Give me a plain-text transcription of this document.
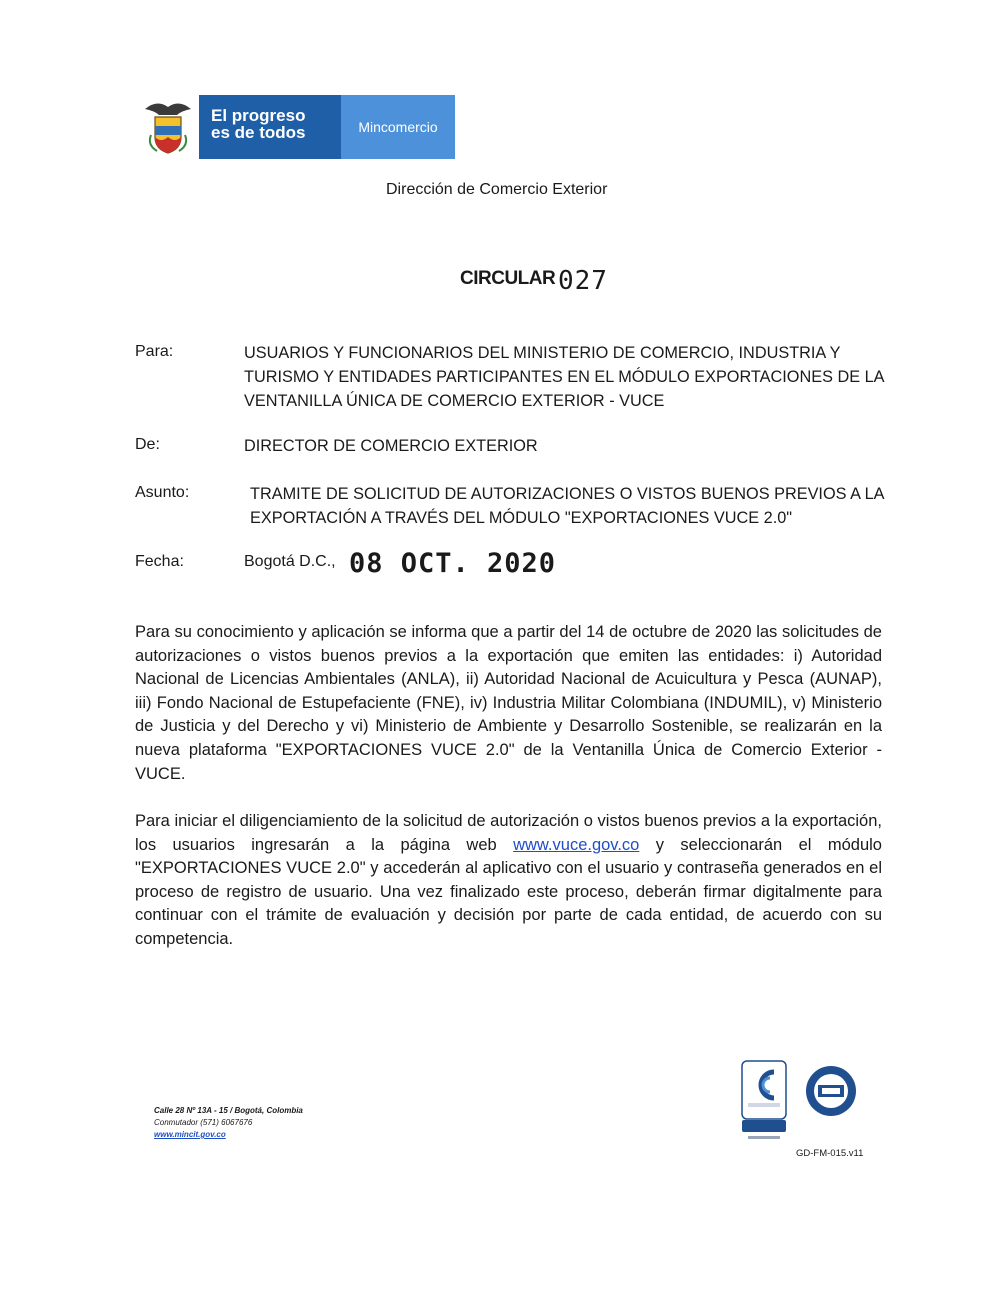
El progreso
es de todos	Mincomercio
Dirección de Comercio Exterior
CIRCULAR 027
Para:	USUARIOS Y FUNCIONARIOS DEL MINISTERIO DE COMERCIO, INDUSTRIA Y TURISMO Y ENTIDADES PARTICIPANTES EN EL MÓDULO EXPORTACIONES DE LA VENTANILLA ÚNICA DE COMERCIO EXTERIOR - VUCE
De:	DIRECTOR DE COMERCIO EXTERIOR
Asunto:	TRAMITE DE SOLICITUD DE AUTORIZACIONES O VISTOS BUENOS PREVIOS A LA EXPORTACIÓN A TRAVÉS DEL MÓDULO "EXPORTACIONES VUCE 2.0"
Fecha:	Bogotá D.C., 08 OCT. 2020
Para su conocimiento y aplicación se informa que a partir del 14 de octubre de 2020 las solicitudes de autorizaciones o vistos buenos previos a la exportación que emiten las entidades: i) Autoridad Nacional de Licencias Ambientales (ANLA), ii) Autoridad Nacional de Acuicultura y Pesca (AUNAP), iii) Fondo Nacional de Estupefaciente (FNE), iv) Industria Militar Colombiana (INDUMIL), v) Ministerio de Justicia y del Derecho y vi) Ministerio de Ambiente y Desarrollo Sostenible, se realizarán en la nueva plataforma "EXPORTACIONES VUCE 2.0" de la Ventanilla Única de Comercio Exterior - VUCE.
Para iniciar el diligenciamiento de la solicitud de autorización o vistos buenos previos a la exportación, los usuarios ingresarán a la página web www.vuce.gov.co y seleccionarán el módulo "EXPORTACIONES VUCE 2.0" y accederán al aplicativo con el usuario y contraseña generados en el proceso de registro de usuario. Una vez finalizado este proceso, deberán firmar digitalmente para continuar con el trámite de evaluación y decisión por parte de cada entidad, de acuerdo con su competencia.
Calle 28 Nº 13A - 15 / Bogotá, Colombia
Conmutador (571) 6067676
www.mincit.gov.co
GD-FM-015.v11
